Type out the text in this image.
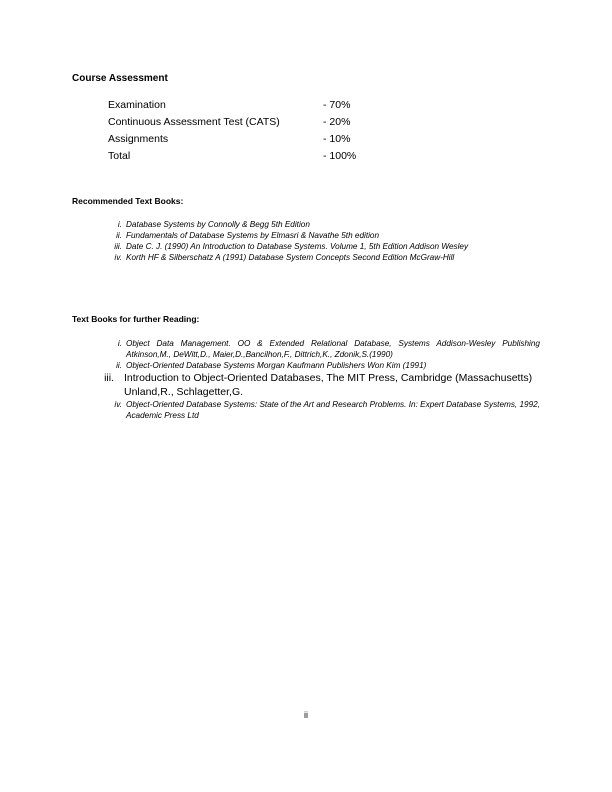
Course Assessment
Examination	- 70%
Continuous Assessment Test (CATS)	- 20%
Assignments	- 10%
Total	- 100%
Recommended Text Books:
i. Database Systems by Connolly & Begg 5th Edition
ii. Fundamentals of Database Systems by Elmasri & Navathe 5th edition
iii. Date C. J. (1990) An Introduction to Database Systems. Volume 1, 5th Edition Addison Wesley
iv. Korth HF & Silberschatz A (1991) Database System Concepts Second Edition McGraw-Hill
Text Books for further Reading:
i. Object Data Management. OO & Extended Relational Database, Systems Addison-Wesley Publishing Atkinson,M., DeWitt,D., Maier,D.,Bancilhon,F., Dittrich,K., Zdonik,S.(1990)
ii. Object-Oriented Database Systems Morgan Kaufmann Publishers Won Kim (1991)
iii. Introduction to Object-Oriented Databases, The MIT Press, Cambridge (Massachusetts)
Unland,R., Schlagetter,G.
iv. Object-Oriented Database Systems: State of the Art and Research Problems. In: Expert Database Systems, 1992, Academic Press Ltd
ii
